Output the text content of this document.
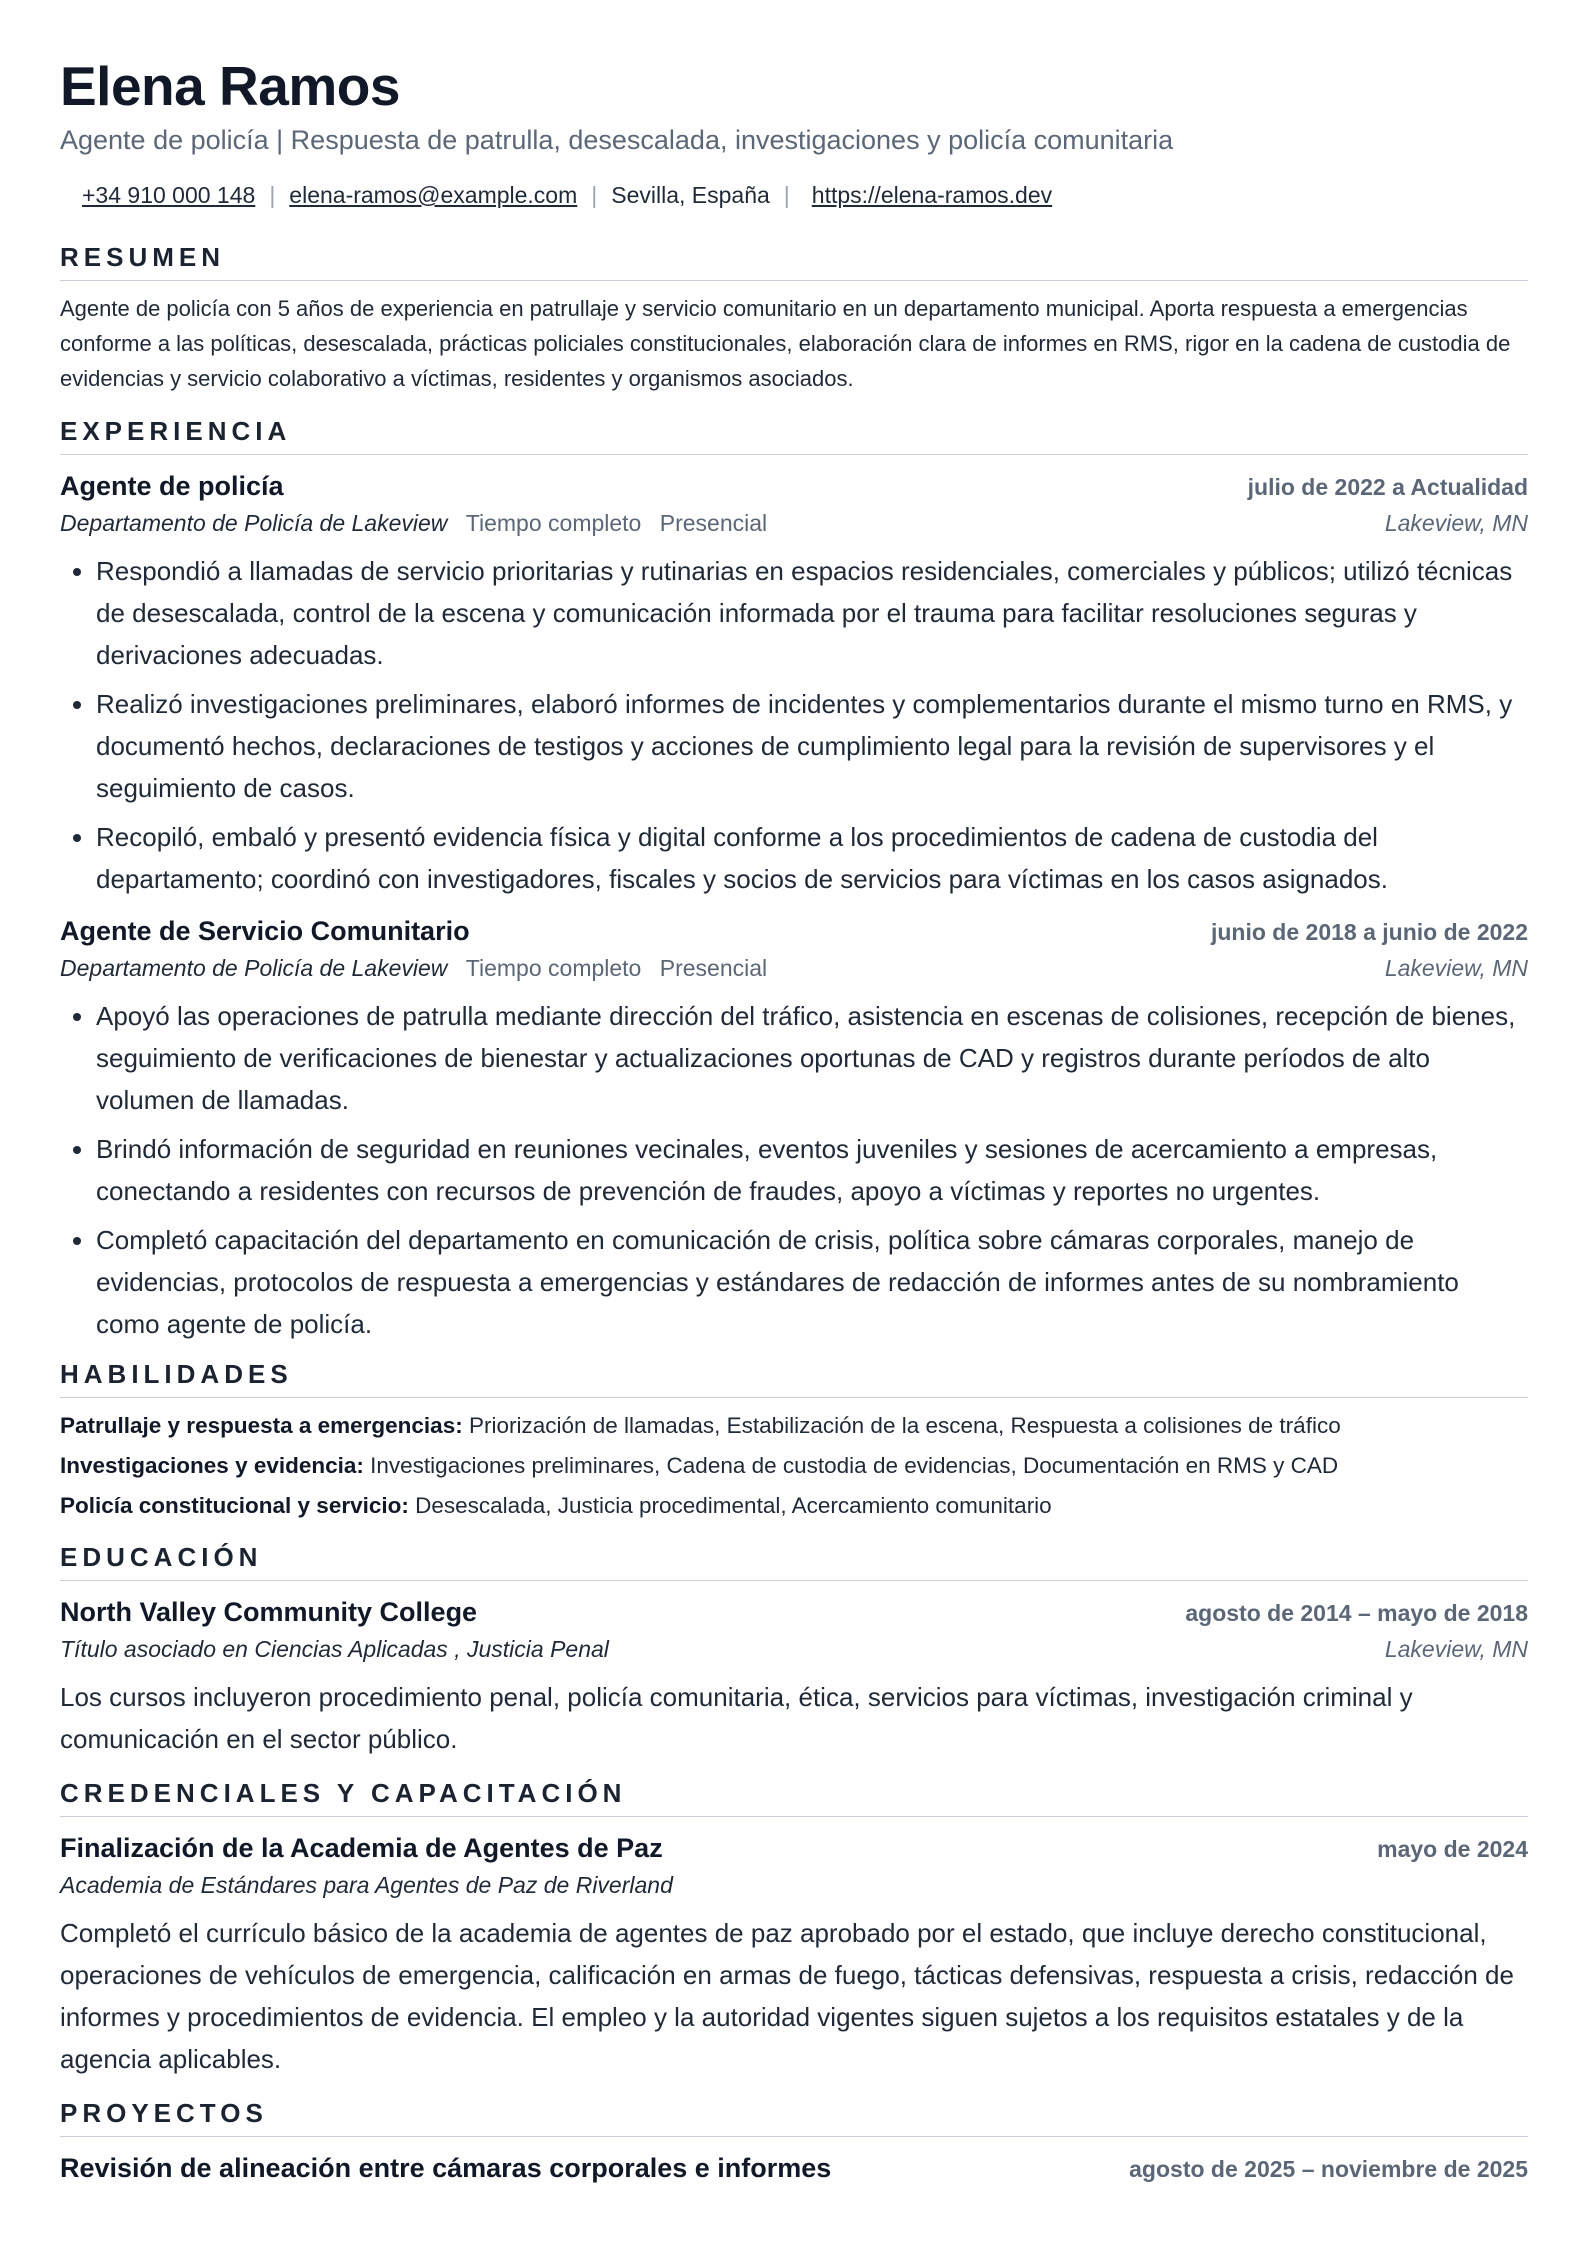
Elena Ramos
Agente de policía | Respuesta de patrulla, desescalada, investigaciones y policía comunitaria
+34 910 000 148 | elena-ramos@example.com | Sevilla, España | https://elena-ramos.dev
RESUMEN
Agente de policía con 5 años de experiencia en patrullaje y servicio comunitario en un departamento municipal. Aporta respuesta a emergencias conforme a las políticas, desescalada, prácticas policiales constitucionales, elaboración clara de informes en RMS, rigor en la cadena de custodia de evidencias y servicio colaborativo a víctimas, residentes y organismos asociados.
EXPERIENCIA
Agente de policía	julio de 2022 a Actualidad
Departamento de Policía de Lakeview Tiempo completo Presencial	Lakeview, MN
• Respondió a llamadas de servicio prioritarias y rutinarias en espacios residenciales, comerciales y públicos; utilizó técnicas de desescalada, control de la escena y comunicación informada por el trauma para facilitar resoluciones seguras y derivaciones adecuadas.
• Realizó investigaciones preliminares, elaboró informes de incidentes y complementarios durante el mismo turno en RMS, y documentó hechos, declaraciones de testigos y acciones de cumplimiento legal para la revisión de supervisores y el seguimiento de casos.
• Recopiló, embaló y presentó evidencia física y digital conforme a los procedimientos de cadena de custodia del departamento; coordinó con investigadores, fiscales y socios de servicios para víctimas en los casos asignados.
Agente de Servicio Comunitario	junio de 2018 a junio de 2022
Departamento de Policía de Lakeview Tiempo completo Presencial	Lakeview, MN
• Apoyó las operaciones de patrulla mediante dirección del tráfico, asistencia en escenas de colisiones, recepción de bienes, seguimiento de verificaciones de bienestar y actualizaciones oportunas de CAD y registros durante períodos de alto volumen de llamadas.
• Brindó información de seguridad en reuniones vecinales, eventos juveniles y sesiones de acercamiento a empresas, conectando a residentes con recursos de prevención de fraudes, apoyo a víctimas y reportes no urgentes.
• Completó capacitación del departamento en comunicación de crisis, política sobre cámaras corporales, manejo de evidencias, protocolos de respuesta a emergencias y estándares de redacción de informes antes de su nombramiento como agente de policía.
HABILIDADES
Patrullaje y respuesta a emergencias: Priorización de llamadas, Estabilización de la escena, Respuesta a colisiones de tráfico
Investigaciones y evidencia: Investigaciones preliminares, Cadena de custodia de evidencias, Documentación en RMS y CAD
Policía constitucional y servicio: Desescalada, Justicia procedimental, Acercamiento comunitario
EDUCACIÓN
North Valley Community College	agosto de 2014 – mayo de 2018
Título asociado en Ciencias Aplicadas , Justicia Penal	Lakeview, MN
Los cursos incluyeron procedimiento penal, policía comunitaria, ética, servicios para víctimas, investigación criminal y comunicación en el sector público.
CREDENCIALES Y CAPACITACIÓN
Finalización de la Academia de Agentes de Paz	mayo de 2024
Academia de Estándares para Agentes de Paz de Riverland
Completó el currículo básico de la academia de agentes de paz aprobado por el estado, que incluye derecho constitucional, operaciones de vehículos de emergencia, calificación en armas de fuego, tácticas defensivas, respuesta a crisis, redacción de informes y procedimientos de evidencia. El empleo y la autoridad vigentes siguen sujetos a los requisitos estatales y de la agencia aplicables.
PROYECTOS
Revisión de alineación entre cámaras corporales e informes	agosto de 2025 – noviembre de 2025
